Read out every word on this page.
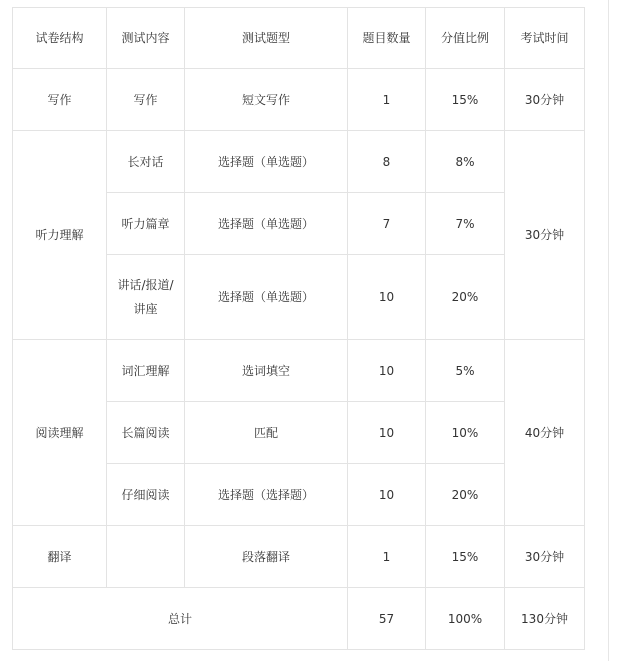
试卷结构	测试内容	测试题型	题目数量	分值比例	考试时间
写作	写作	短文写作	1	15%	30分钟
听力理解	长对话	选择题（单选题）	8	8%	30分钟
	听力篇章	选择题（单选题）	7	7%	
	讲话/报道/讲座	选择题（单选题）	10	20%	
阅读理解	词汇理解	选词填空	10	5%	40分钟
	长篇阅读	匹配	10	10%	
	仔细阅读	选择题（选择题）	10	20%	
翻译		段落翻译	1	15%	30分钟
总计			57	100%	130分钟
